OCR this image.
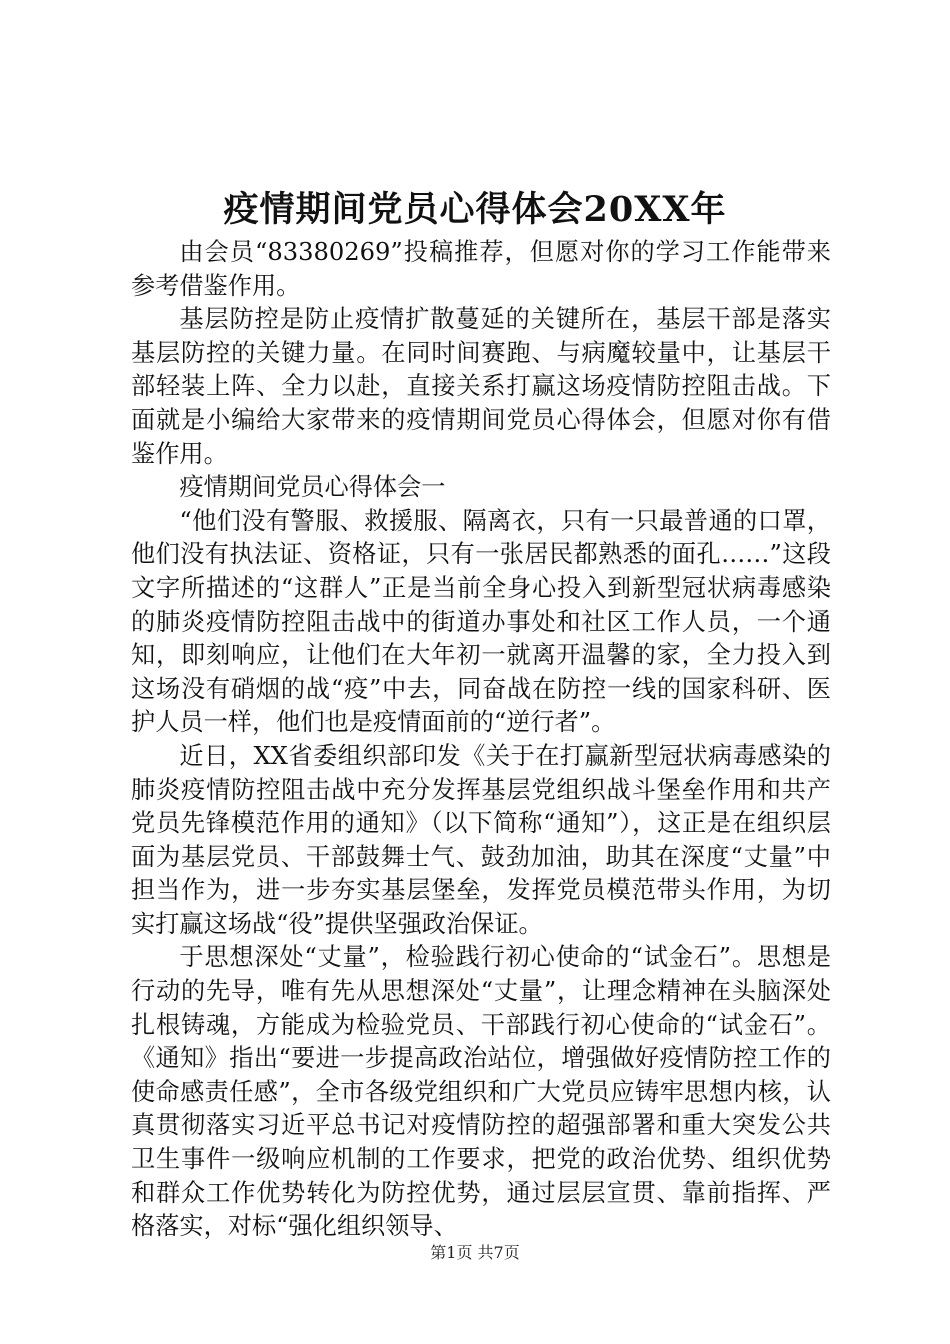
疫情期间党员心得体会20XX年

由会员“83380269”投稿推荐，但愿对你的学习工作能带来参考借鉴作用。

基层防控是防止疫情扩散蔓延的关键所在，基层干部是落实基层防控的关键力量。在同时间赛跑、与病魔较量中，让基层干部轻装上阵、全力以赴，直接关系打赢这场疫情防控阻击战。下面就是小编给大家带来的疫情期间党员心得体会，但愿对你有借鉴作用。

疫情期间党员心得体会一

“他们没有警服、救援服、隔离衣，只有一只最普通的口罩，他们没有执法证、资格证，只有一张居民都熟悉的面孔……”这段文字所描述的“这群人”正是当前全身心投入到新型冠状病毒感染的肺炎疫情防控阻击战中的街道办事处和社区工作人员，一个通知，即刻响应，让他们在大年初一就离开温馨的家，全力投入到这场没有硝烟的战“疫”中去，同奋战在防控一线的国家科研、医护人员一样，他们也是疫情面前的“逆行者”。

近日，XX省委组织部印发《关于在打赢新型冠状病毒感染的肺炎疫情防控阻击战中充分发挥基层党组织战斗堡垒作用和共产党员先锋模范作用的通知》（以下简称“通知”），这正是在组织层面为基层党员、干部鼓舞士气、鼓劲加油，助其在深度“丈量”中担当作为，进一步夯实基层堡垒，发挥党员模范带头作用，为切实打赢这场战“役”提供坚强政治保证。

于思想深处“丈量”，检验践行初心使命的“试金石”。思想是行动的先导，唯有先从思想深处“丈量”，让理念精神在头脑深处扎根铸魂，方能成为检验党员、干部践行初心使命的“试金石”。《通知》指出“要进一步提高政治站位，增强做好疫情防控工作的使命感责任感”，全市各级党组织和广大党员应铸牢思想内核，认真贯彻落实习近平总书记对疫情防控的超强部署和重大突发公共卫生事件一级响应机制的工作要求，把党的政治优势、组织优势和群众工作优势转化为防控优势，通过层层宣贯、靠前指挥、严格落实，对标“强化组织领导、

第1页 共7页
